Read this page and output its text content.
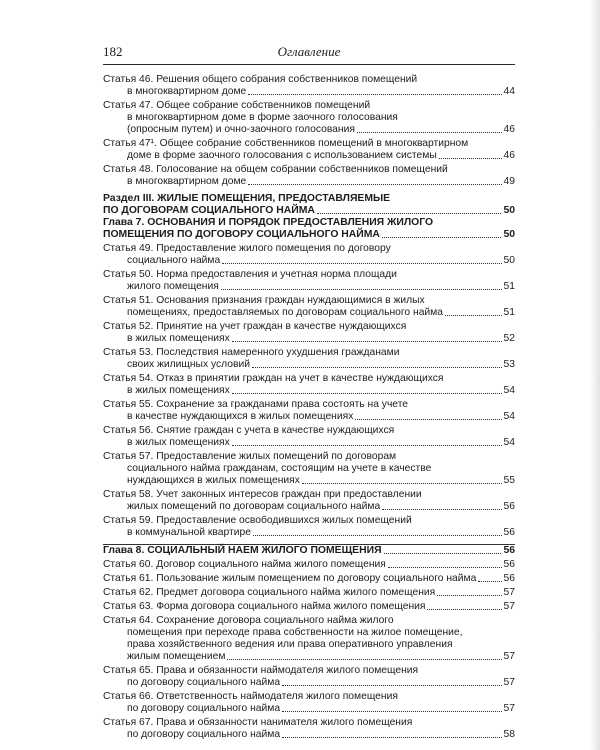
182	Оглавление
Статья 46. Решения общего собрания собственников помещений
в многоквартирном доме	44
Статья 47. Общее собрание собственников помещений
в многоквартирном доме в форме заочного голосования
(опросным путем) и очно-заочного голосования	46
Статья 47¹. Общее собрание собственников помещений в многоквартирном
доме в форме заочного голосования с использованием системы	46
Статья 48. Голосование на общем собрании собственников помещений
в многоквартирном доме	49
Раздел III. ЖИЛЫЕ ПОМЕЩЕНИЯ, ПРЕДОСТАВЛЯЕМЫЕ
ПО ДОГОВОРАМ СОЦИАЛЬНОГО НАЙМА	50
Глава 7. ОСНОВАНИЯ И ПОРЯДОК ПРЕДОСТАВЛЕНИЯ ЖИЛОГО
ПОМЕЩЕНИЯ ПО ДОГОВОРУ СОЦИАЛЬНОГО НАЙМА	50
Статья 49. Предоставление жилого помещения по договору
социального найма	50
Статья 50. Норма предоставления и учетная норма площади
жилого помещения	51
Статья 51. Основания признания граждан нуждающимися в жилых
помещениях, предоставляемых по договорам социального найма	51
Статья 52. Принятие на учет граждан в качестве нуждающихся
в жилых помещениях	52
Статья 53. Последствия намеренного ухудшения гражданами
своих жилищных условий	53
Статья 54. Отказ в принятии граждан на учет в качестве нуждающихся
в жилых помещениях	54
Статья 55. Сохранение за гражданами права состоять на учете
в качестве нуждающихся в жилых помещениях	54
Статья 56. Снятие граждан с учета в качестве нуждающихся
в жилых помещениях	54
Статья 57. Предоставление жилых помещений по договорам
социального найма гражданам, состоящим на учете в качестве
нуждающихся в жилых помещениях	55
Статья 58. Учет законных интересов граждан при предоставлении
жилых помещений по договорам социального найма	56
Статья 59. Предоставление освободившихся жилых помещений
в коммунальной квартире	56
Глава 8. СОЦИАЛЬНЫЙ НАЕМ ЖИЛОГО ПОМЕЩЕНИЯ	56
Статья 60. Договор социального найма жилого помещения	56
Статья 61. Пользование жилым помещением по договору социального найма	56
Статья 62. Предмет договора социального найма жилого помещения	57
Статья 63. Форма договора социального найма жилого помещения	57
Статья 64. Сохранение договора социального найма жилого
помещения при переходе права собственности на жилое помещение,
права хозяйственного ведения или права оперативного управления
жилым помещением	57
Статья 65. Права и обязанности наймодателя жилого помещения
по договору социального найма	57
Статья 66. Ответственность наймодателя жилого помещения
по договору социального найма	57
Статья 67. Права и обязанности нанимателя жилого помещения
по договору социального найма	58
